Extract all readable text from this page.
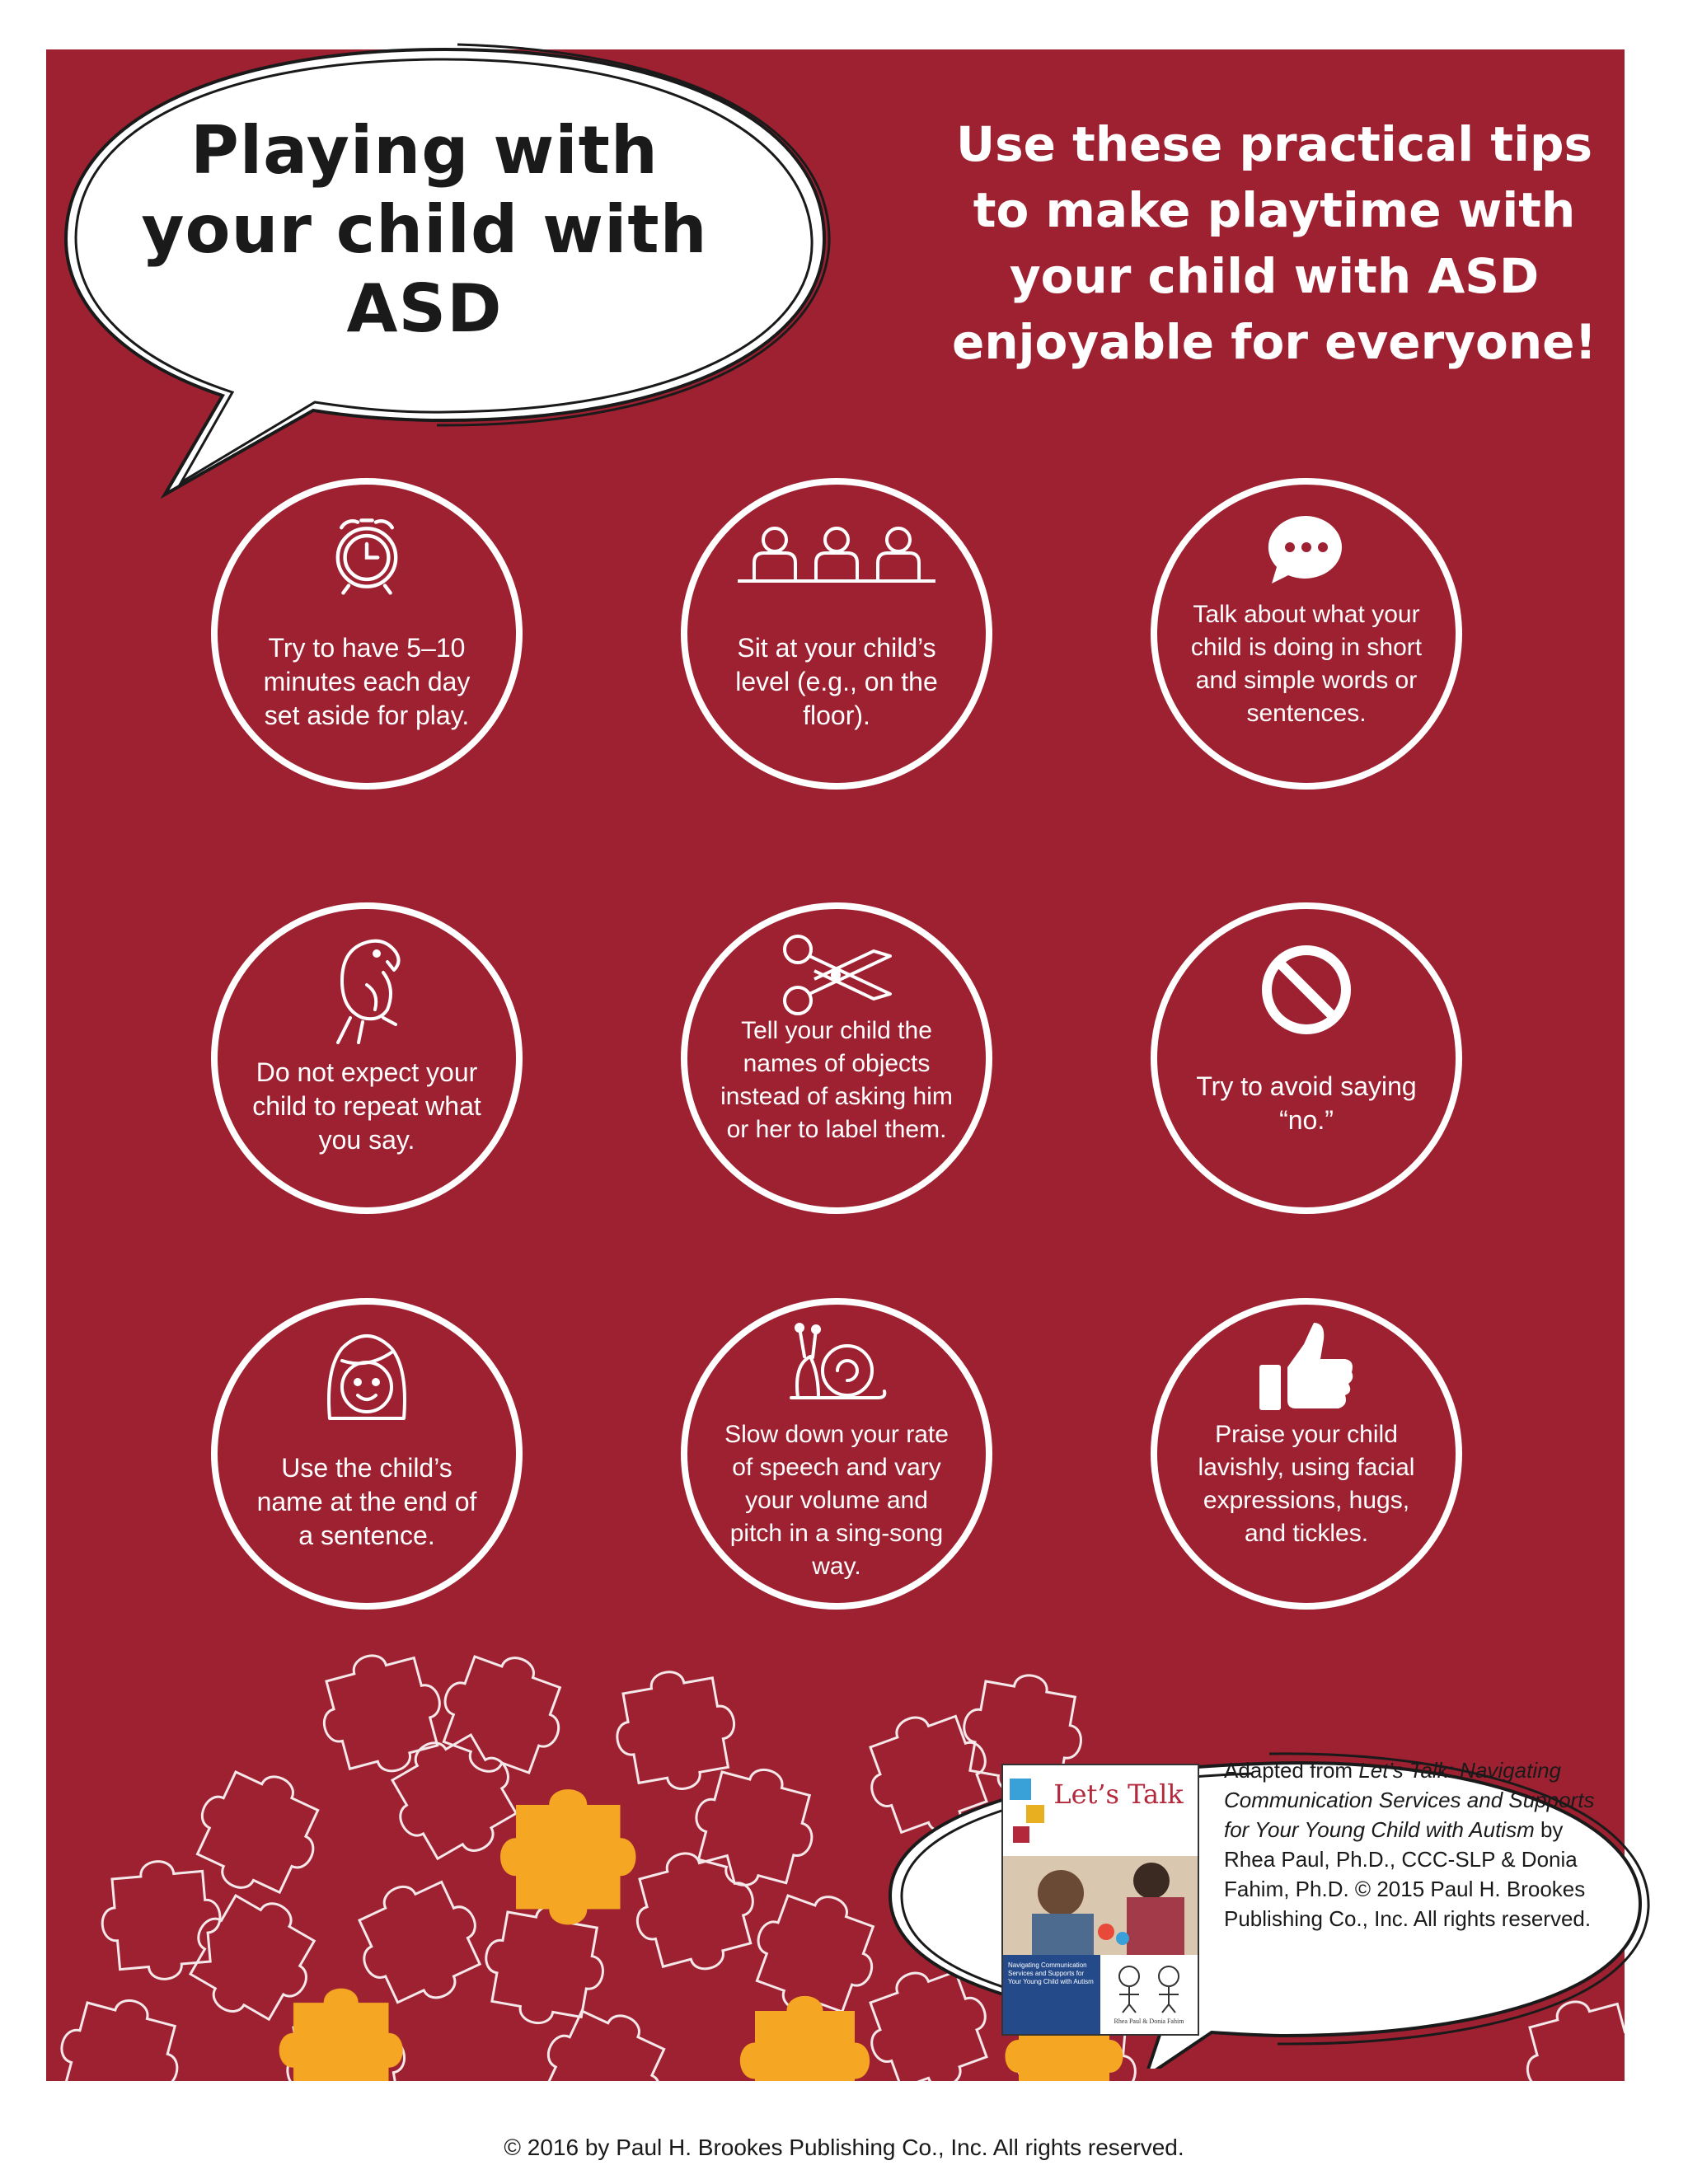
Use these practical tips to make playtime with your child with ASD enjoyable for everyone!
Try to have 5–10 minutes each day set aside for play.
Sit at your child’s level (e.g., on the floor).
Talk about what your child is doing in short and simple words or sentences.
Do not expect your child to repeat what you say.
Tell your child the names of objects instead of asking him or her to label them.
Try to avoid saying “no.”
Use the child’s name at the end of a sentence.
Slow down your rate of speech and vary your volume and pitch in a sing-song way.
Praise your child lavishly, using facial expressions, hugs, and tickles.
Playing with your child with ASD
Let’s Talk
Navigating Communication Services and Supports for Your Young Child with Autism
Rhea Paul & Donia Fahim
Adapted from Let’s Talk: Navigating Communication Services and Supports for Your Young Child with Autism by Rhea Paul, Ph.D., CCC-SLP & Donia Fahim, Ph.D. © 2015 Paul H. Brookes Publishing Co., Inc. All rights reserved.
© 2016 by Paul H. Brookes Publishing Co., Inc. All rights reserved.
